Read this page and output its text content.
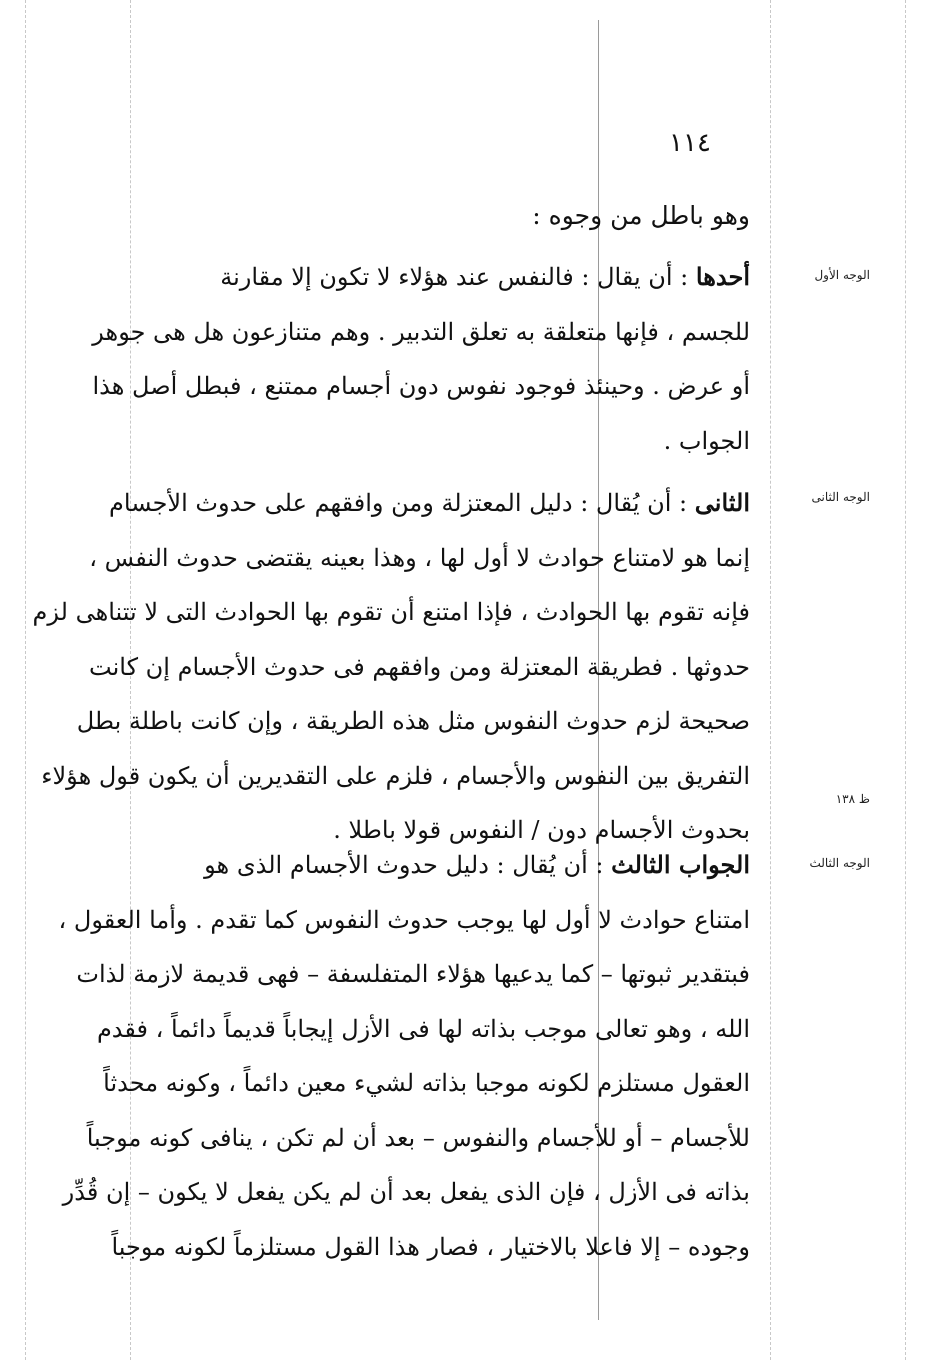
١١٤
وهو باطل من وجوه :
الوجه الأول
الوجه الثانى
ظ ١٣٨
الوجه الثالث
أحدها : أن يقال : فالنفس عند هؤلاء لا تكون إلا مقارنة
للجسم ، فإنها متعلقة به تعلق التدبير . وهم متنازعون هل هى جوهر
أو عرض . وحينئذ فوجود نفوس دون أجسام ممتنع ، فبطل أصل هذا
الجواب .
الثانى : أن يُقال : دليل المعتزلة ومن وافقهم على حدوث الأجسام
إنما هو لامتناع حوادث لا أول لها ، وهذا بعينه يقتضى حدوث النفس ،
فإنه تقوم بها الحوادث ، فإذا امتنع أن تقوم بها الحوادث التى لا تتناهى لزم
حدوثها . فطريقة المعتزلة ومن وافقهم فى حدوث الأجسام إن كانت
صحيحة لزم حدوث النفوس مثل هذه الطريقة ، وإن كانت باطلة بطل
التفريق بين النفوس والأجسام ، فلزم على التقديرين أن يكون قول هؤلاء
بحدوث الأجسام دون / النفوس قولا باطلا .
الجواب الثالث : أن يُقال : دليل حدوث الأجسام الذى هو
امتناع حوادث لا أول لها يوجب حدوث النفوس كما تقدم . وأما العقول ،
فبتقدير ثبوتها – كما يدعيها هؤلاء المتفلسفة – فهى قديمة لازمة لذات
الله ، وهو تعالى موجب بذاته لها فى الأزل إيجاباً قديماً دائماً ، فقدم
العقول مستلزم لكونه موجبا بذاته لشيء معين دائماً ، وكونه محدثاً
للأجسام – أو للأجسام والنفوس – بعد أن لم تكن ، ينافى كونه موجباً
بذاته فى الأزل ، فإن الذى يفعل بعد أن لم يكن يفعل لا يكون – إن قُدِّر
وجوده – إلا فاعلا بالاختيار ، فصار هذا القول مستلزماً لكونه موجباً
